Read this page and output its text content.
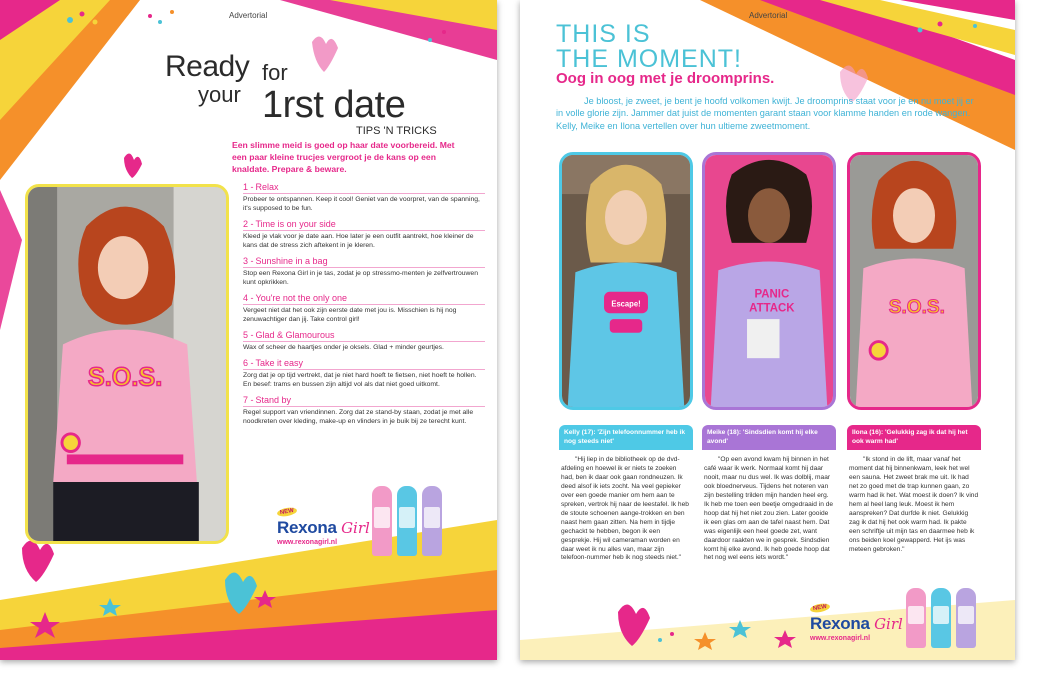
Advertorial
Ready for
your 1rst date
TIPS 'N TRICKS
Een slimme meid is goed op haar date voorbereid. Met een paar kleine trucjes vergroot je de kans op een knaldate. Prepare & beware.
S.O.S.
1 - Relax
Probeer te ontspannen. Keep it cool! Geniet van de voorpret, van de spanning, it's supposed to be fun.
2 - Time is on your side
Kleed je vlak voor je date aan. Hoe later je een outfit aantrekt, hoe kleiner de kans dat de stress zich aftekent in je kleren.
3 - Sunshine in a bag
Stop een Rexona Girl in je tas, zodat je op stressmo-menten je zelfvertrouwen kunt opkrikken.
4 - You're not the only one
Vergeet niet dat het ook zijn eerste date met jou is. Misschien is hij nog zenuwachtiger dan jij. Take control girl!
5 - Glad & Glamourous
Wax of scheer de haartjes onder je oksels. Glad + minder geurtjes.
6 - Take it easy
Zorg dat je op tijd vertrekt, dat je niet hard hoeft te fietsen, niet hoeft te hollen. En besef: trams en bussen zijn altijd vol als dat niet goed uitkomt.
7 - Stand by
Regel support van vriendinnen. Zorg dat ze stand-by staan, zodat je met alle noodkreten over kleding, make-up en vlinders in je buik bij ze terecht kunt.
NEW
Rexona Girl
www.rexonagirl.nl
Advertorial
THIS IS
THE MOMENT!
Oog in oog met je droomprins.
Je bloost, je zweet, je bent je hoofd volkomen kwijt. Je droomprins staat voor je en nu moet jij er in volle glorie zijn. Jammer dat juist de momenten garant staan voor klamme handen en rode wangen. Kelly, Meike en Ilona vertellen over hun ultieme zweetmoment.
Escape!
PANIC
ATTACK	S.O.S.
Kelly (17): 'Zijn telefoonnummer heb ik nog steeds niet'
Meike (18): 'Sindsdien komt hij elke avond'
Ilona (16): 'Gelukkig zag ik dat hij het ook warm had'
"Hij liep in de bibliotheek op de dvd-afdeling en hoewel ik er niets te zoeken had, ben ik daar ook gaan rondneuzen. Ik deed alsof ik iets zocht. Na veel gepieker over een goede manier om hem aan te spreken, vertrok hij naar de leestafel. Ik heb de stoute schoenen aange-trokken en ben naast hem gaan zitten. Na hem in tijdje gechackt te hebben, begon ik een gesprekje. Hij wil cameraman worden en daar weet ik nu alles van, maar zijn telefoon-nummer heb ik nog steeds niet."
"Op een avond kwam hij binnen in het café waar ik werk. Normaal komt hij daar nooit, maar nu dus wel. Ik was dolblij, maar ook bloednerveus. Tijdens het noteren van zijn bestelling trilden mijn handen heel erg. Ik heb me toen een beetje omgedraaid in de hoop dat hij het niet zou zien. Later gooide ik een glas om aan de tafel naast hem. Dat was eigenlijk een heel goede zet, want daardoor raakten we in gesprek. Sindsdien komt hij elke avond. Ik heb goede hoop dat het nog wel eens iets wordt."
"Ik stond in de lift, maar vanaf het moment dat hij binnenkwam, leek het wel een sauna. Het zweet brak me uit. Ik had net zo goed met de trap kunnen gaan, zo warm had ik het. Wat moest ik doen? Ik vind hem al heel lang leuk. Moest ik hem aanspreken? Dat durfde ik niet. Gelukkig zag ik dat hij het ook warm had. Ik pakte een schriftje uit mijn tas en daarmee heb ik ons beiden koel gewapperd. Het ijs was meteen gebroken."
NEW
Rexona Girl
www.rexonagirl.nl
